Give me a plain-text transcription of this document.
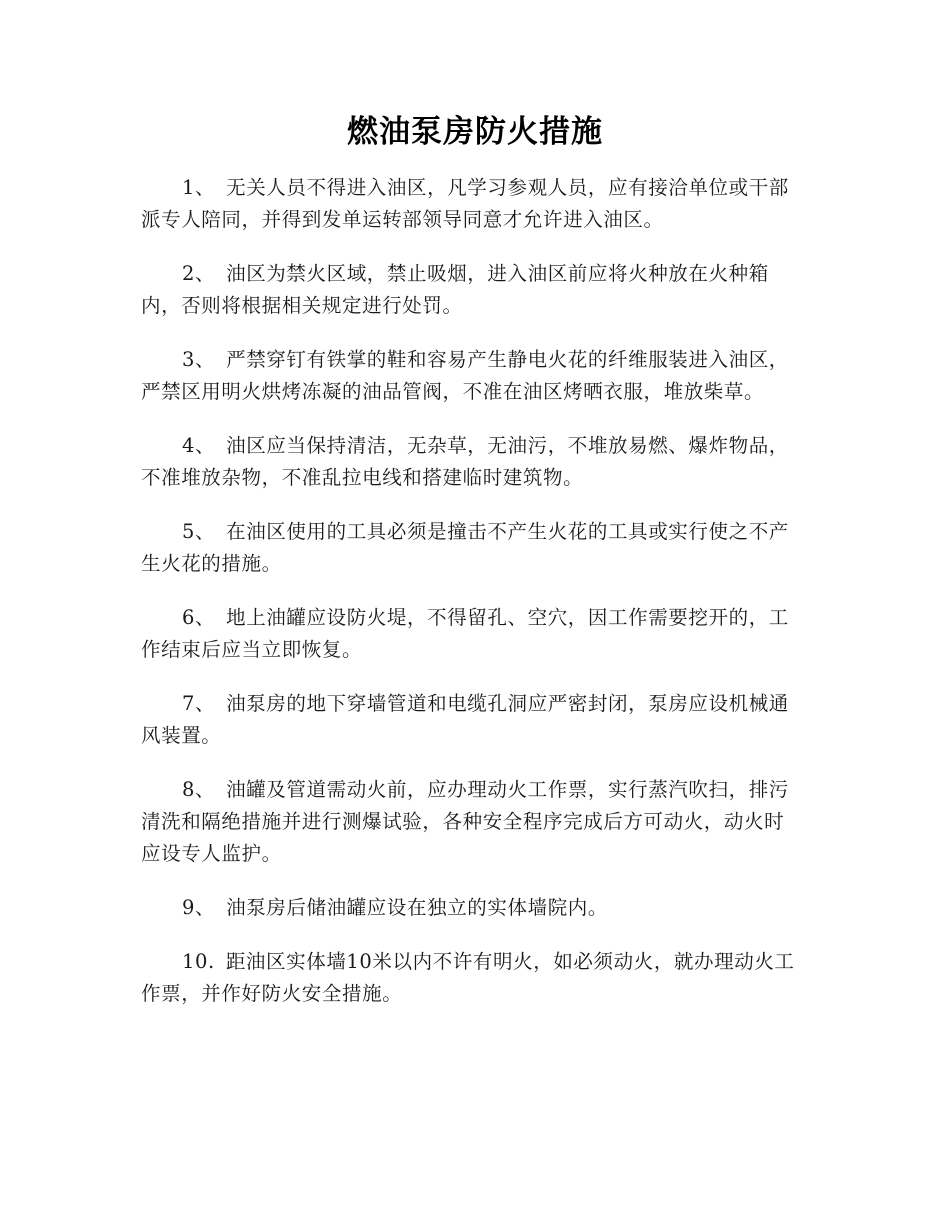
燃油泵房防火措施

1、 无关人员不得进入油区，凡学习参观人员，应有接洽单位或干部派专人陪同，并得到发单运转部领导同意才允许进入油区。

2、 油区为禁火区域，禁止吸烟，进入油区前应将火种放在火种箱内，否则将根据相关规定进行处罚。

3、 严禁穿钉有铁掌的鞋和容易产生静电火花的纤维服装进入油区，严禁区用明火烘烤冻凝的油品管阀，不准在油区烤晒衣服，堆放柴草。

4、 油区应当保持清洁，无杂草，无油污，不堆放易燃、爆炸物品，不准堆放杂物，不准乱拉电线和搭建临时建筑物。

5、 在油区使用的工具必须是撞击不产生火花的工具或实行使之不产生火花的措施。

6、 地上油罐应设防火堤，不得留孔、空穴，因工作需要挖开的，工作结束后应当立即恢复。

7、 油泵房的地下穿墙管道和电缆孔洞应严密封闭，泵房应设机械通风装置。

8、 油罐及管道需动火前，应办理动火工作票，实行蒸汽吹扫，排污清洗和隔绝措施并进行测爆试验，各种安全程序完成后方可动火，动火时应设专人监护。

9、 油泵房后储油罐应设在独立的实体墙院内。

10. 距油区实体墙10米以内不许有明火，如必须动火，就办理动火工作票，并作好防火安全措施。
